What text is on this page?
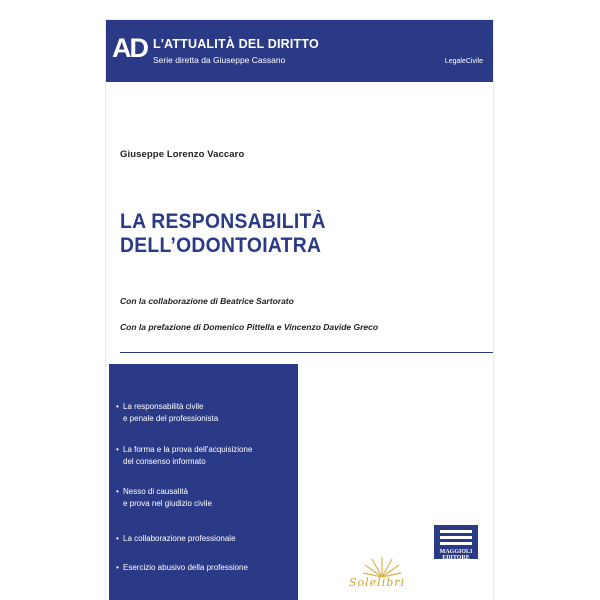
AD L'ATTUALITÀ DEL DIRITTO
Serie diretta da Giuseppe Cassano	LegaleCivile
Giuseppe Lorenzo Vaccaro
LA RESPONSABILITÀ
DELL’ODONTOIATRA
Con la collaborazione di Beatrice Sartorato
Con la prefazione di Domenico Pittella e Vincenzo Davide Greco
• La responsabilità civile
e penale del professionista
• La forma e la prova dell’acquisizione
del consenso informato
• Nesso di causalità
e prova nel giudizio civile
• La collaborazione professionale
• Esercizio abusivo della professione
MAGGIOLI
EDITORE
Solelibri
